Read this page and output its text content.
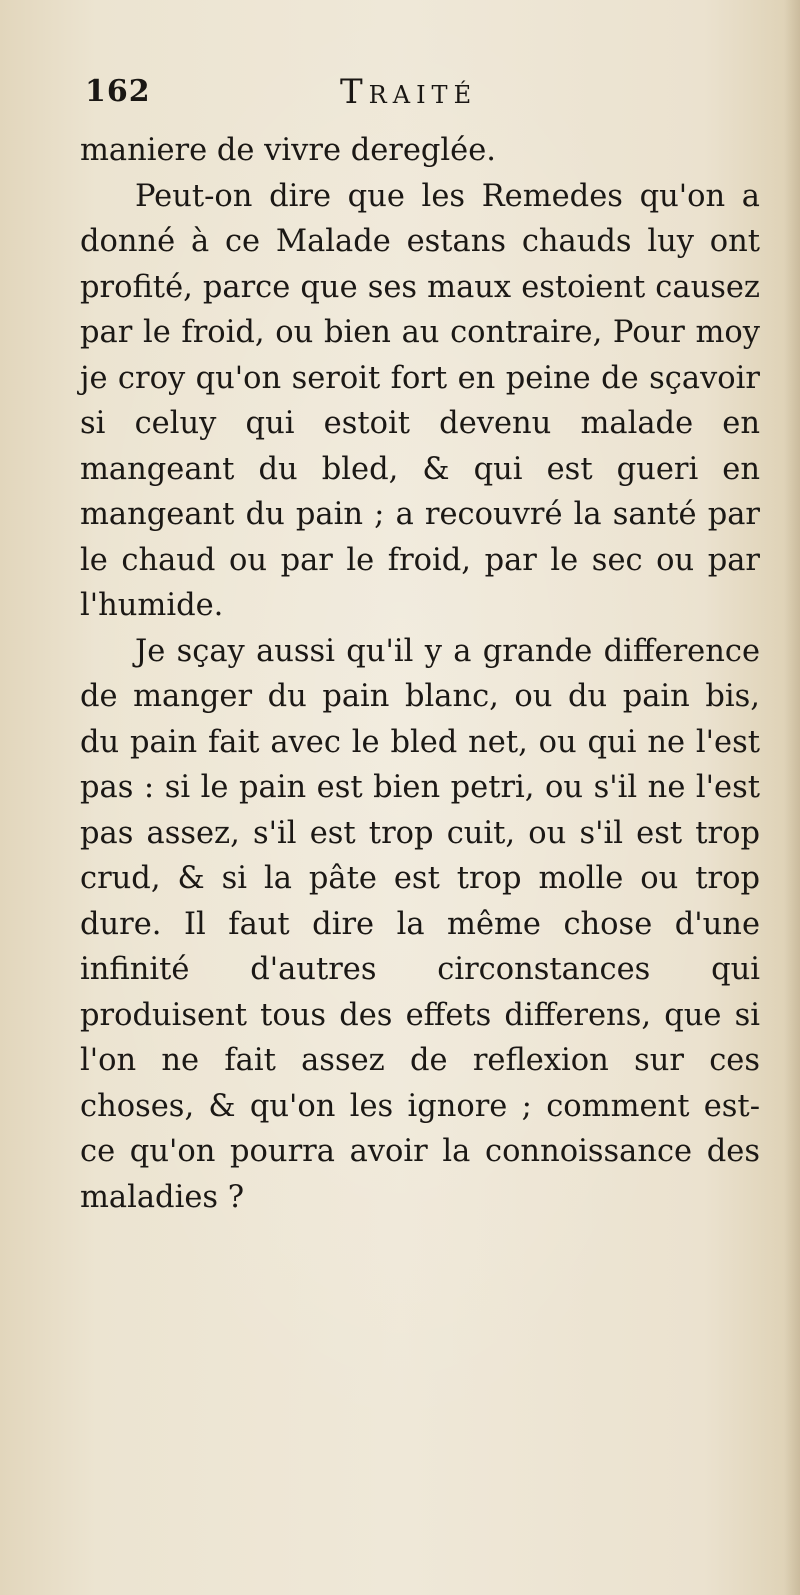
162	Traité

maniere de vivre dereglée.

Peut-on dire que les Remedes qu'on a donné à ce Malade estans chauds luy ont profité, parce que ses maux estoient causez par le froid, ou bien au contraire, Pour moy je croy qu'on seroit fort en peine de sçavoir si celuy qui estoit devenu malade en mangeant du bled, & qui est gueri en mangeant du pain ; a recouvré la santé par le chaud ou par le froid, par le sec ou par l'humide.

Je sçay aussi qu'il y a grande difference de manger du pain blanc, ou du pain bis, du pain fait avec le bled net, ou qui ne l'est pas : si le pain est bien petri, ou s'il ne l'est pas assez, s'il est trop cuit, ou s'il est trop crud, & si la pâte est trop molle ou trop dure. Il faut dire la même chose d'une infinité d'autres circonstances qui produisent tous des effets differens, que si l'on ne fait assez de reflexion sur ces choses, & qu'on les ignore ; comment est-ce qu'on pourra avoir la connoissance des maladies ?
